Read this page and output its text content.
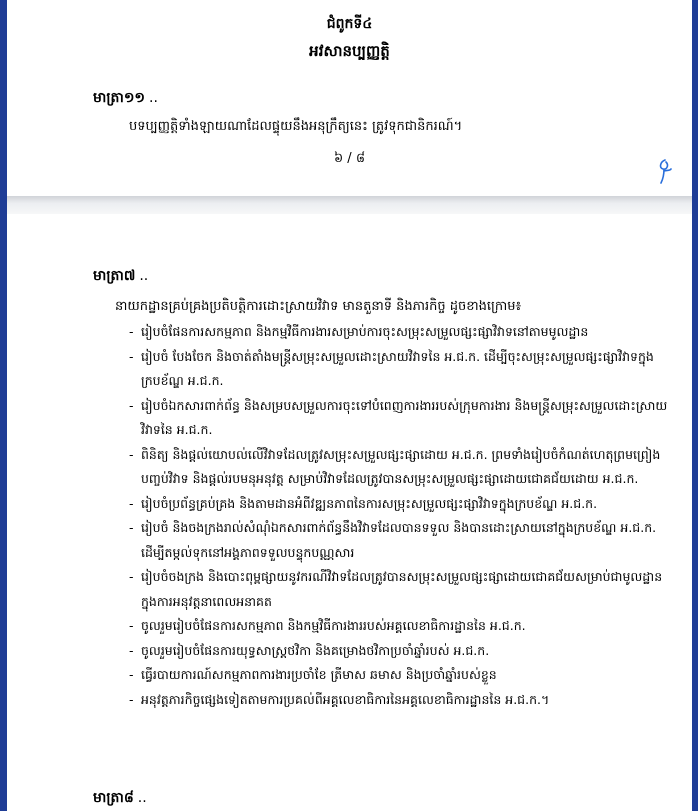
ជំពូកទី៤
អវសានប្បញ្ញត្តិ
មាត្រា១១ ..
បទប្បញ្ញត្តិទាំងឡាយណាដែលផ្ទុយនឹងអនុក្រឹត្យនេះ ត្រូវទុកជានិករណ៍។
៦ / ៨
មាត្រា៧ ..
នាយកដ្ឋានគ្រប់គ្រងប្រតិបត្តិការដោះស្រាយវិវាទ មានតួនាទី និងភារកិច្ច ដូចខាងក្រោម៖
- រៀបចំផែនការសកម្មភាព និងកម្មវិធីការងារសម្រាប់ការចុះសម្រុះសម្រួលផ្សះផ្សាវិវាទនៅតាមមូលដ្ឋាន
- រៀបចំ បែងចែក និងចាត់តាំងមន្ត្រីសម្រុះសម្រួលដោះស្រាយវិវាទនៃ អ.ជ.ក. ដើម្បីចុះសម្រុះសម្រួលផ្សះផ្សាវិវាទក្នុងក្របខ័ណ្ឌ អ.ជ.ក.
- រៀបចំឯកសារពាក់ព័ន្ធ និងសម្របសម្រួលការចុះទៅបំពេញការងាររបស់ក្រុមការងារ និងមន្ត្រីសម្រុះសម្រួលដោះស្រាយវិវាទនៃ អ.ជ.ក.
- ពិនិត្យ និងផ្តល់យោបល់លើវិវាទដែលត្រូវសម្រុះសម្រួលផ្សះផ្សាដោយ អ.ជ.ក. ព្រមទាំងរៀបចំកំណត់ហេតុព្រមព្រៀងបញ្ចប់វិវាទ និងផ្តល់របមនុអនុវត្ត សម្រាប់វិវាទដែលត្រូវបានសម្រុះសម្រួលផ្សះផ្សាដោយជោគជ័យដោយ អ.ជ.ក.
- រៀបចំប្រព័ន្ធគ្រប់គ្រង និងតាមដានអំពីវឌ្ឍនភាពនៃការសម្រុះសម្រួលផ្សះផ្សាវិវាទក្នុងក្របខ័ណ្ឌ អ.ជ.ក.
- រៀបចំ និងចងក្រងរាល់សំណុំឯកសារពាក់ព័ន្ធនឹងវិវាទដែលបានទទួល និងបានដោះស្រាយនៅក្នុងក្របខ័ណ្ឌ អ.ជ.ក. ដើម្បីតម្កល់ទុកនៅអង្គភាពទទួលបន្ទុកបណ្ណសារ
- រៀបចំចងក្រង និងបោះពុម្ពផ្សាយនូវករណីវិវាទដែលត្រូវបានសម្រុះសម្រួលផ្សះផ្សាដោយជោគជ័យសម្រាប់ជាមូលដ្ឋានក្នុងការអនុវត្តនាពេលអនាគត
- ចូលរួមរៀបចំផែនការសកម្មភាព និងកម្មវិធីការងាររបស់អគ្គលេខាធិការដ្ឋាននៃ អ.ជ.ក.
- ចូលរួមរៀបចំផែនការយុទ្ធសាស្ត្រថវិកា និងគម្រោងថវិកាប្រចាំឆ្នាំរបស់ អ.ជ.ក.
- ធ្វើរបាយការណ៍សកម្មភាពការងារប្រចាំខែ ត្រីមាស ឆមាស និងប្រចាំឆ្នាំរបស់ខ្លួន
- អនុវត្តភារកិច្ចផ្សេងទៀតតាមការប្រគល់ពីអគ្គលេខាធិការនៃអគ្គលេខាធិការដ្ឋាននៃ អ.ជ.ក.។
មាត្រា៨ ..
